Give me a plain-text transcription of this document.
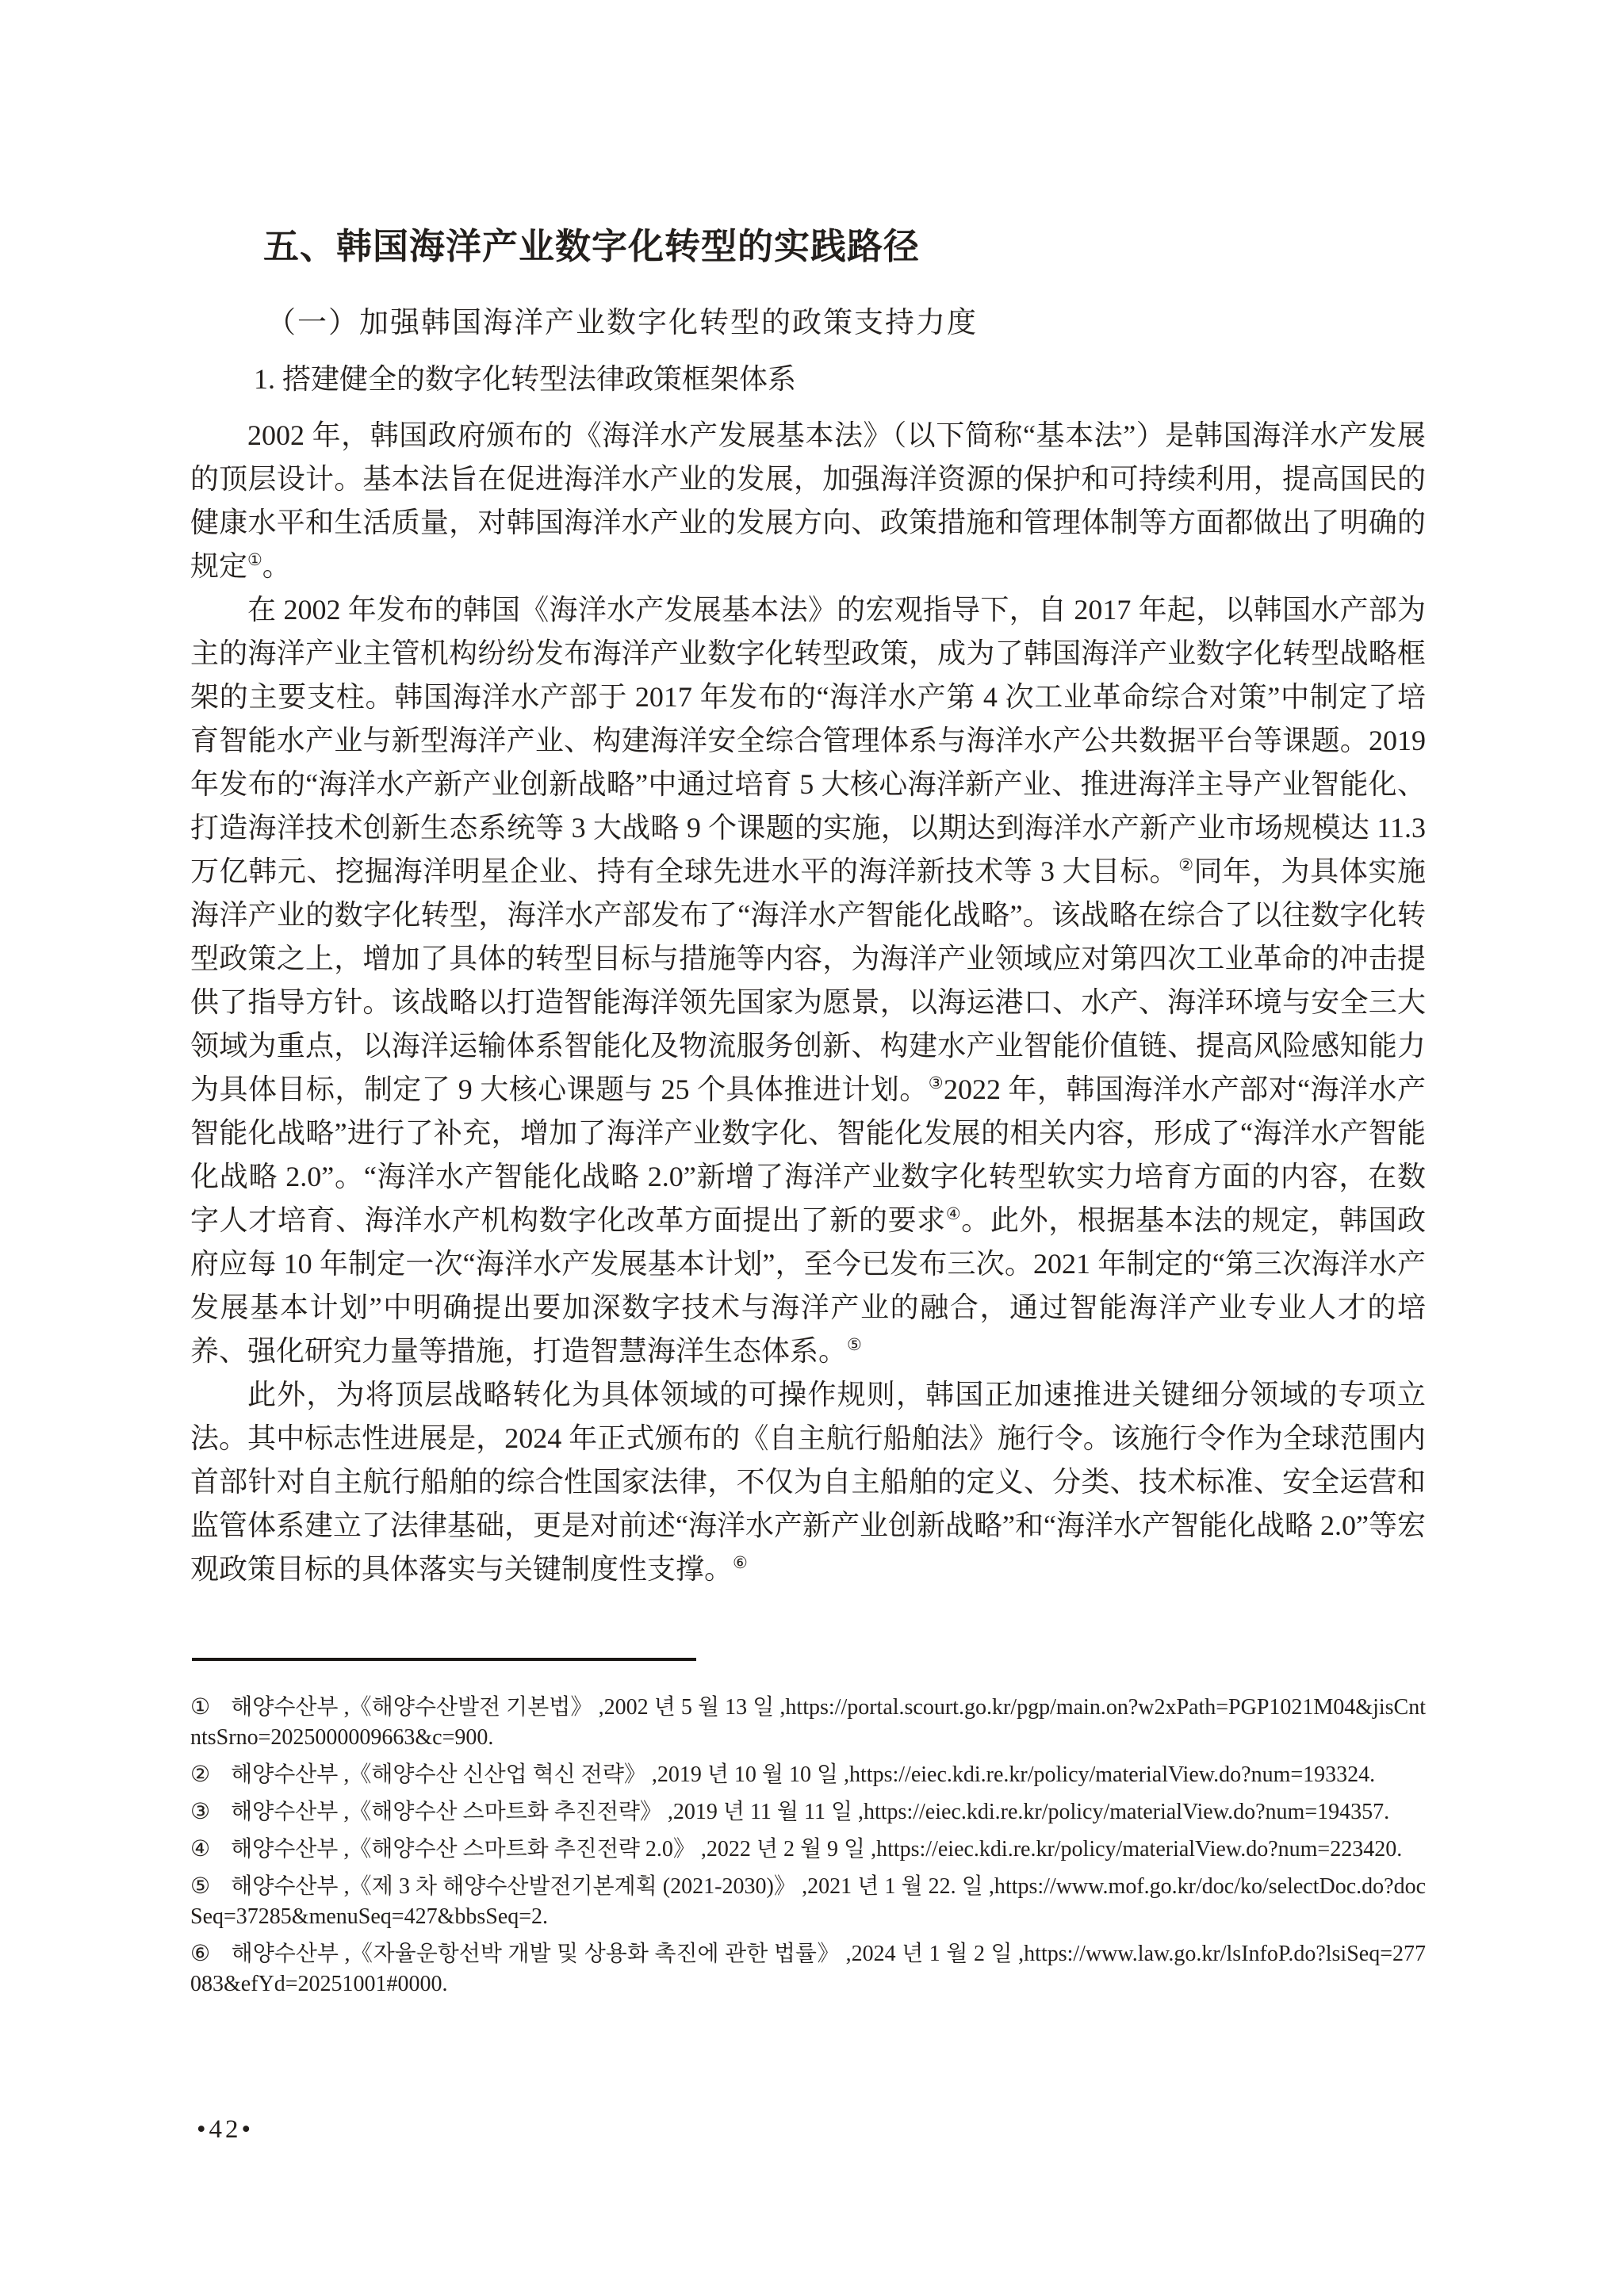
五、韩国海洋产业数字化转型的实践路径
（一）加强韩国海洋产业数字化转型的政策支持力度
1. 搭建健全的数字化转型法律政策框架体系

2002 年，韩国政府颁布的《海洋水产发展基本法》（以下简称“基本法”）是韩国海洋水产发展的顶层设计。基本法旨在促进海洋水产业的发展，加强海洋资源的保护和可持续利用，提高国民的健康水平和生活质量，对韩国海洋水产业的发展方向、政策措施和管理体制等方面都做出了明确的规定①。

在 2002 年发布的韩国《海洋水产发展基本法》的宏观指导下，自 2017 年起，以韩国水产部为主的海洋产业主管机构纷纷发布海洋产业数字化转型政策，成为了韩国海洋产业数字化转型战略框架的主要支柱。韩国海洋水产部于 2017 年发布的“海洋水产第 4 次工业革命综合对策”中制定了培育智能水产业与新型海洋产业、构建海洋安全综合管理体系与海洋水产公共数据平台等课题。2019 年发布的“海洋水产新产业创新战略”中通过培育 5 大核心海洋新产业、推进海洋主导产业智能化、打造海洋技术创新生态系统等 3 大战略 9 个课题的实施，以期达到海洋水产新产业市场规模达 11.3 万亿韩元、挖掘海洋明星企业、持有全球先进水平的海洋新技术等 3 大目标。②同年，为具体实施海洋产业的数字化转型，海洋水产部发布了“海洋水产智能化战略”。该战略在综合了以往数字化转型政策之上，增加了具体的转型目标与措施等内容，为海洋产业领域应对第四次工业革命的冲击提供了指导方针。该战略以打造智能海洋领先国家为愿景，以海运港口、水产、海洋环境与安全三大领域为重点，以海洋运输体系智能化及物流服务创新、构建水产业智能价值链、提高风险感知能力为具体目标，制定了 9 大核心课题与 25 个具体推进计划。③2022 年，韩国海洋水产部对“海洋水产智能化战略”进行了补充，增加了海洋产业数字化、智能化发展的相关内容，形成了“海洋水产智能化战略 2.0”。“海洋水产智能化战略 2.0”新增了海洋产业数字化转型软实力培育方面的内容，在数字人才培育、海洋水产机构数字化改革方面提出了新的要求④。此外，根据基本法的规定，韩国政府应每 10 年制定一次“海洋水产发展基本计划”，至今已发布三次。2021 年制定的“第三次海洋水产发展基本计划”中明确提出要加深数字技术与海洋产业的融合，通过智能海洋产业专业人才的培养、强化研究力量等措施，打造智慧海洋生态体系。⑤

此外，为将顶层战略转化为具体领域的可操作规则，韩国正加速推进关键细分领域的专项立法。其中标志性进展是，2024 年正式颁布的《自主航行船舶法》施行令。该施行令作为全球范围内首部针对自主航行船舶的综合性国家法律，不仅为自主船舶的定义、分类、技术标准、安全运营和监管体系建立了法律基础，更是对前述“海洋水产新产业创新战略”和“海洋水产智能化战略 2.0”等宏观政策目标的具体落实与关键制度性支撑。⑥

① 해양수산부 ,《해양수산발전 기본법》 ,2002 년 5 월 13 일 ,https://portal.scourt.go.kr/pgp/main.on?w2xPath=PGP1021M04&jisCntntsSrno=2025000009663&c=900.

② 해양수산부 ,《해양수산 신산업 혁신 전략》 ,2019 년 10 월 10 일 ,https://eiec.kdi.re.kr/policy/materialView.do?num=193324.

③ 해양수산부 ,《해양수산 스마트화 추진전략》 ,2019 년 11 월 11 일 ,https://eiec.kdi.re.kr/policy/materialView.do?num=194357.

④ 해양수산부 ,《해양수산 스마트화 추진전략 2.0》 ,2022 년 2 월 9 일 ,https://eiec.kdi.re.kr/policy/materialView.do?num=223420.

⑤ 해양수산부 ,《제 3 차 해양수산발전기본계획 (2021-2030)》 ,2021 년 1 월 22. 일 ,https://www.mof.go.kr/doc/ko/selectDoc.do?docSeq=37285&menuSeq=427&bbsSeq=2.

⑥ 해양수산부 ,《자율운항선박 개발 및 상용화 촉진에 관한 법률》 ,2024 년 1 월 2 일 ,https://www.law.go.kr/lsInfoP.do?lsiSeq=277083&efYd=20251001#0000.

•42•
